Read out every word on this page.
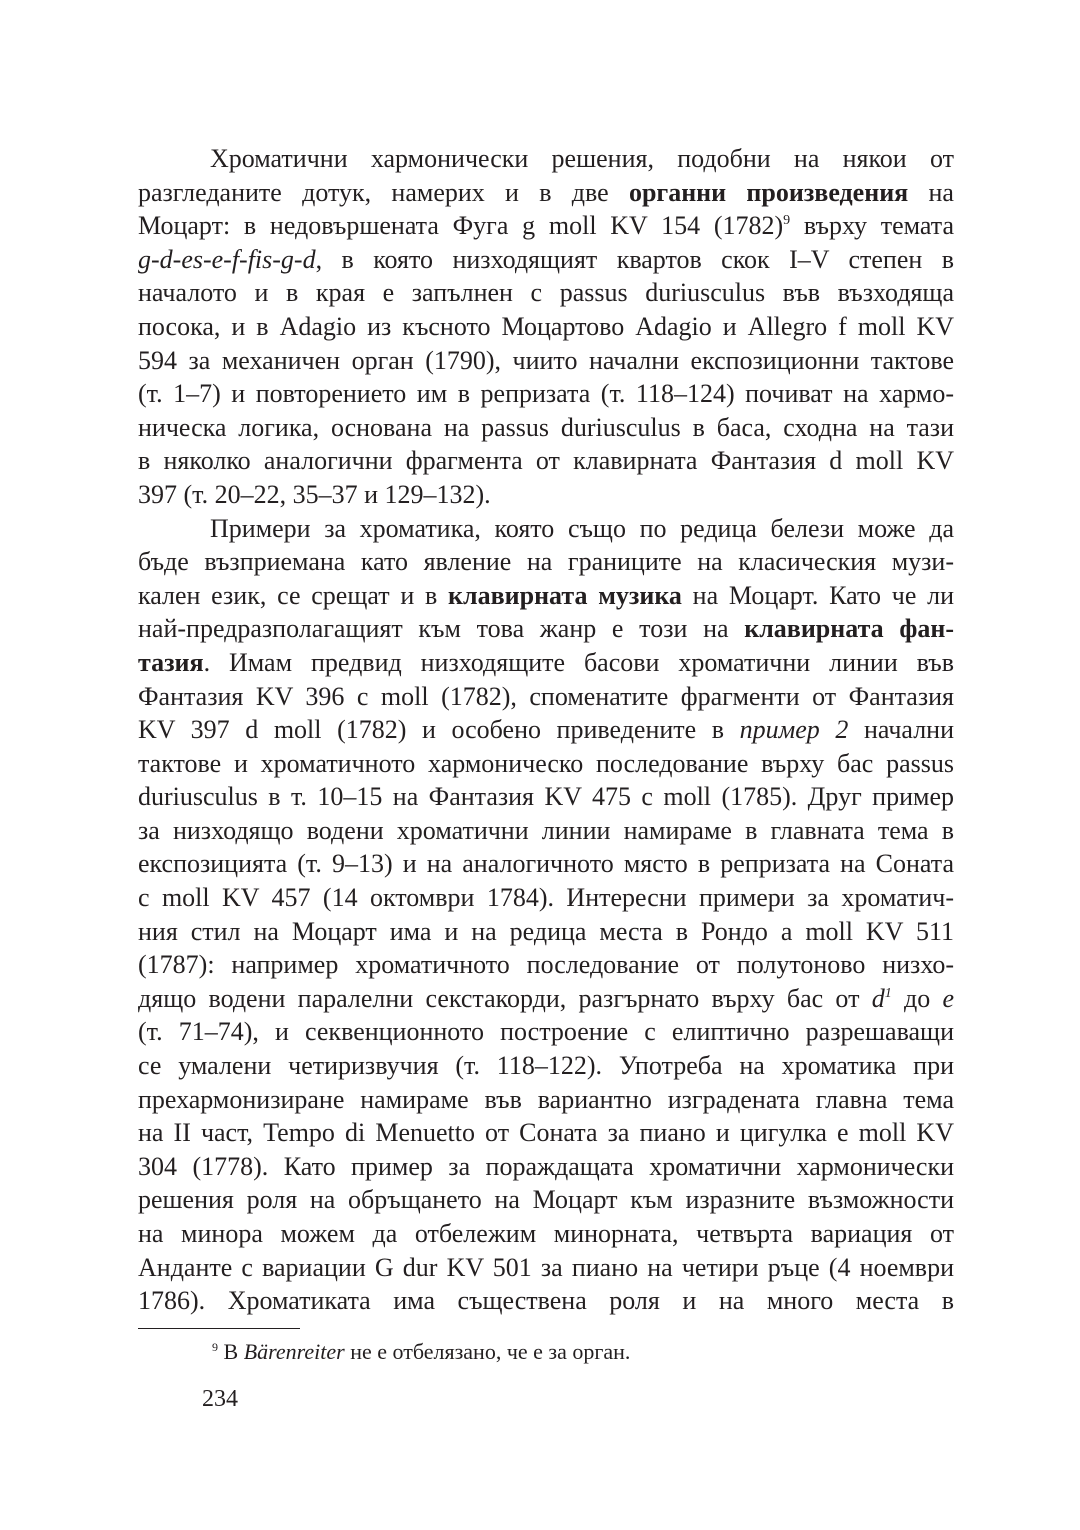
Хроматични хармонически решения, подобни на някои от
разгледаните дотук, намерих и в две органни произведения на
Моцарт: в недовършената Фуга g moll KV 154 $(1782)^9$ върху темата
g-d-es-e-f-fis-g-d, в която низходящият квартов скок I–V степен в
началото и в края е запълнен с passus duriusculus във възходяща
посока, и в Adagio из късното Моцартово Adagio и Allegro f moll KV
594 за механичен орган (1790), чиито начални експозиционни тактове
(т. 1–7) и повторението им в репризата (т. 118–124) почиват на хармо-
ническа логика, основана на passus duriusculus в баса, сходна на тази
в няколко аналогични фрагмента от клавирната Фантазия d moll KV
397 (т. 20–22, 35–37 и 129–132).
Примери за хроматика, която също по редица белези може да
бъде възприемана като явление на границите на класическия музи-
кален език, се срещат и в клавирната музика на Моцарт. Като че ли
най-предразполагащият към това жанр е този на клавирната фан-
тазия. Имам предвид низходящите басови хроматични линии във
Фантазия KV 396 c moll (1782), споменатите фрагменти от Фантазия
KV 397 d moll (1782) и особено приведените в пример 2 начални
тактове и хроматичното хармоническо последование върху бас passus
duriusculus в т. 10–15 на Фантазия KV 475 c moll (1785). Друг пример
за низходящо водени хроматични линии намираме в главната тема в
експозицията (т. 9–13) и на аналогичното място в репризата на Соната
c moll KV 457 (14 октомври 1784). Интересни примери за хроматич-
ния стил на Моцарт има и на редица места в Рондо a moll KV 511
(1787): например хроматичното последование от полутоново низхо-
дящо водени паралелни секстакорди, разгърнато върху бас от $d^1$ до e
(т. 71–74), и секвенционното построение с елиптично разрешаващи
се умалени четиризвучия (т. 118–122). Употреба на хроматика при
прехармонизиране намираме във вариантно изградената главна тема
на II част, Tempo di Menuetto от Соната за пиано и цигулка e moll KV
304 (1778). Като пример за пораждащата хроматични хармонически
решения роля на обръщането на Моцарт към изразните възможности
на минора можем да отбележим минорната, четвърта вариация от
Анданте с вариации G dur KV 501 за пиано на четири ръце (4 ноември
1786). Хроматиката има съществена роля и на много места в
$^9$ В Bärenreiter не е отбелязано, че е за орган.
234
